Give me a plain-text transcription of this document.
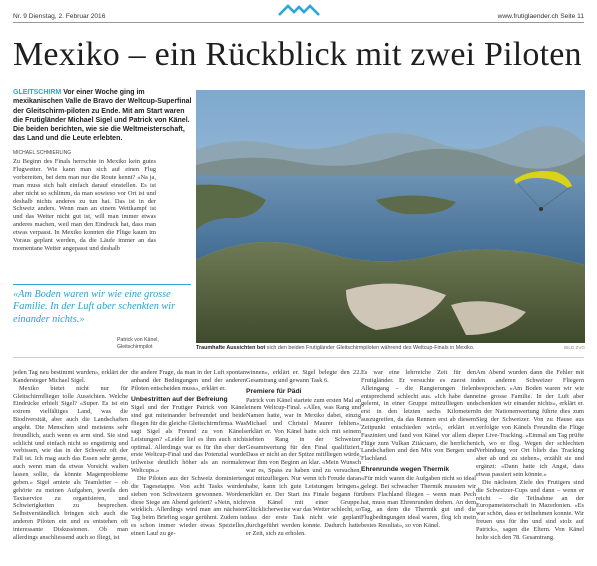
Nr. 9 Dienstag, 2. Februar 2016	www.frutiglaender.ch Seite 11
Mexiko – ein Rückblick mit zwei Piloten
GLEITSCHIRM Vor einer Woche ging im mexikanischen Valle de Bravo der Weltcup-Superfinal der Gleitschirm-piloten zu Ende. Mit am Start waren die Frutigländer Michael Sigel und Patrick von Känel. Die beiden berichten, wie sie die Weltmeisterschaft, das Land und die Leute erlebten.
MICHAEL SCHMIERLING
Zu Beginn des Finals herrschte in Mexiko kein gutes Flugwetter. Wie kann man sich auf einen Flug vorbereiten, bei dem man nur die Route kennt? «Na ja, man muss sich halt einfach darauf einstellen. Es ist aber nicht so schlimm, da man sowieso vor Ort ist und deshalb nichts anderes zu tun hat. Das ist in der Schweiz anders. Wenn man an einem Wettkampf ist und das Wetter nicht gut ist, will man immer etwas anderes machen, weil man den Eindruck hat, dass man etwas verpasst. In Mexiko konnten die Flüge kaum im Voraus geplant werden, da die Läufe immer an das momentane Wetter angepasst und deshalb
«Am Boden waren wir wie eine grosse Familie. In der Luft aber schenkten wir einander nichts.»
Patrick von Känel,
Gleitschirmpilot	Traumhafte Aussichten bot sich den beiden Frutigländer Gleitschirmpiloten während des Weltcup-Finals in Mexiko.	BILD ZVG

jeden Tag neu bestimmt wurden», erklärt der Kandersteger Michael Sigel.

Mexiko bietet nicht nur für Gleitschirmflieger tolle Aussichten. Welche Eindrücke erhielt Sigel? «Super. Es ist ein extrem vielfältiges Land, was die Biodiversität, aber auch die Landschaften angeht. Die Menschen sind meistens sehr freundlich, auch wenn es arm sind. Sie sind schlicht und einfach nicht so engstirnig und verbissen, wie das in der Schweiz oft der Fall ist. Ich mag auch das Essen sehr gerne, auch wenn man da etwas Vorsicht walten lassen sollte, da könnte Magenprobleme geben.» Sigel amtete als Teamleiter – ob gehörte zu meinen Aufgaben, jeweils den Taxiservice zu organisieren, und Schwierigkeiten zu besprechen. Selbstverständlich bringen sich auch die anderen Piloten ein und es entstehen oft interessante Diskussionen. Ob man allerdings anschliessend auch so fliegt, ist

die andere Frage, da man in der Luft spontan anhand der Bedingungen und der anderen Piloten entscheiden muss», erklärt er.

Unbestritten auf der Befreiung

Sigel und der Frutiger Patrick von Känel sind gut miteinander befreundet und beide fliegen für die gleiche Gleitschirmfirma. Was sagt Sigel als Freund zu von Känels Leistungen? «Leider lief es ihm auch nicht optimal. Allerdings war es für ihn eher der erste Weltcup-Final und das Potenzial wurde teilweise deutlich höher als an normalen Weltcups.»

Die Piloten aus der Schweiz dominierten die Tagesetappe. Von acht Tasks wurden sieben von Schweizern gewonnen. Worden diese Siege am Abend gefeiert? «Nein, nicht wirklich. Allerdings wird man am nächsten Tag beim Briefing sogar gerühmt. Zudem ist es schon immer wieder etwas Spezielles, einen Lauf zu ge-

winnen», erklärt er. Sigel belegte den 22. Gesamtrang und gewann Task 6.

Premiere für Pädi

Patrick von Känel startete zum ersten Mal an einem Weltcup-Final. «Alles, was Rang und Namen hatte, war in Mexiko dabei, einzig Michael und Christel Maurer fehlten», erklärt er. Von Känel hatte sich mit seinem siebten Rang in der Schweizer Gesamtwertung für den Final qualifiziert. Dass er nicht an der Spitze mitfliegen würde, war ihm von Beginn an klar. «Mein Wunsch war es, Spass zu haben und zu versuchen, gut mitzufliegen. Nur wenn ich Freude daran habe, kann ich gute Leistungen bringen», erklärt er. Der Start ins Finale begann für von Känel mit einer Gruppe. Glücklicherweise war das Wetter schlecht, so dass der erste Task nicht wie geplant durchgeführt werden konnte. Dadurch hatte er Zeit, sich zu erholen.

Es war eine lehrreiche Zeit für den Frutigländer. Er versuchte es zuerst in Alleingang – die Rangierungen fielen entsprechend schlecht aus. «Ich habe dann gelernt, in einer Gruppe mitzufliegen und erst in den letzten sechs Kilometern auszugreifen, da das Rennen erst ab diesem Zeitpunkt entschieden wird», erklärt er. Fasziniert und fand von Känel vor allem die Flüge zum Vulkan Zitácuaro, die herrlichen Landschaften und den Mix von Bergen und Flachland.

Ehrenrunde wegen Thermik

«Für mich waren die Aufgaben nicht so ideal gelegt. Bei schwacher Thermik mussten wir übers Flachland fliegen – wenn man Pech hat, muss man Ehrenrunden drehen. An dem Tag, an dem die Thermik gut und die Flugbedingungen ideal waren, flog ich mein bestes Resultat», so von Känel.

Am Abend wurden dann die Fehler mit den anderen Schweizer Fliegern besprochen. «Am Boden waren wir wie eine grosse Familie. In der Luft aber schenkten wir einander nichts», erklärt er. In der Nationenwertung führte dies zum Sieg der Schweizer. Von zu Hause aus verfolgte von Känels Freundin die Flüge per Live-Tracking. «Einmal am Tag prüfte ich, wo er flog. Wegen der schlechten Verbindung vor Ort blieb das Tracking aber ab und zu stehen», erzählt sie und ergänzt: «Dann hatte ich Angst, dass etwas passiert sein könnte.»

Die nächsten Ziele des Frutigers sind die Schweizer-Cups und dann – wenn er reicht – die Teilnahme an der Europameisterschaft in Mazedonien. «Es war schön, dass er teilnehmen konnte. Wir freuen uns für ihn und sind stolz auf Patrick», sagen die Eltern. Von Känel holte sich den 78. Gesamtrang.
